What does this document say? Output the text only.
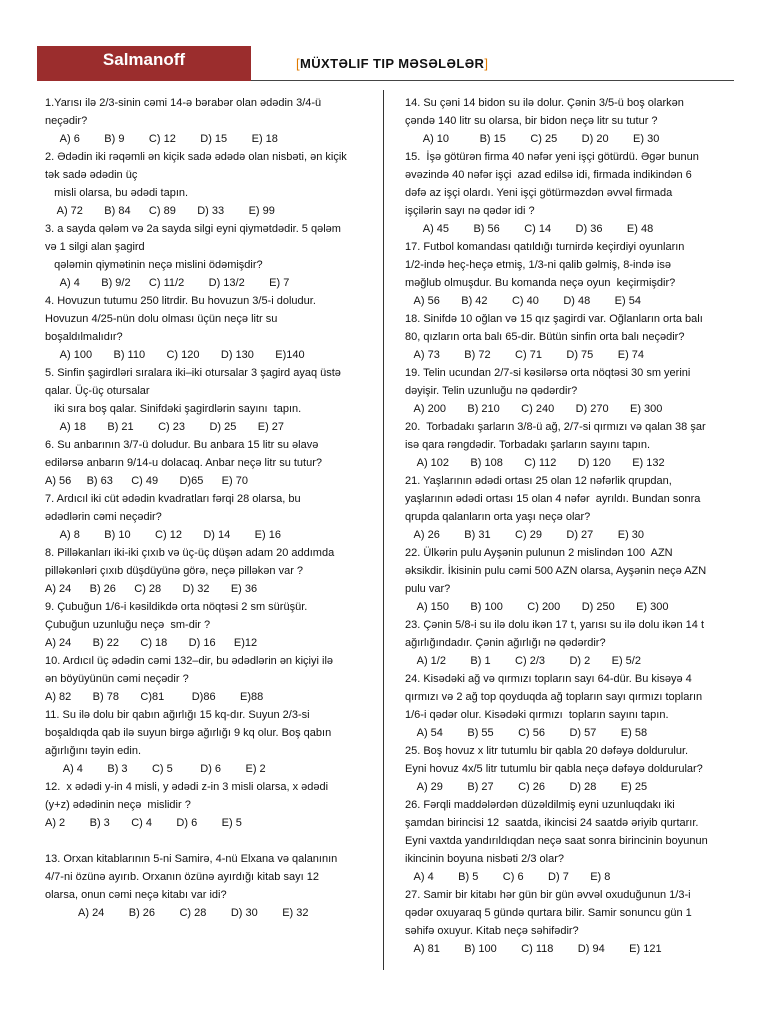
Salmanoff	[MÜXTƏLIF TIP MƏSƏLƏLƏR]

1.Yarısı ilə 2/3-sinin cəmi 14-ə bərabər olan ədədin 3/4-ü
neçədir?

A) 6        B) 9        C) 12        D) 15        E) 18

2. Ədədin iki rəqəmli ən kiçik sadə ədədə olan nisbəti, ən kiçik
tək sadə ədədin üç
misli olarsa, bu ədədi tapın.

A) 72       B) 84      C) 89       D) 33        E) 99

3. a sayda qələm və 2a sayda silgi eyni qiymətdədir. 5 qələm
və 1 silgi alan şagird
qələmin qiymətinin neçə mislini ödəmişdir?

A) 4       B) 9/2      C) 11/2        D) 13/2        E) 7

4. Hovuzun tutumu 250 litrdir. Bu hovuzun 3/5-i doludur.
Hovuzun 4/25-nün dolu olması üçün neçə litr su
boşaldılmalıdır?

A) 100       B) 110       C) 120       D) 130       E)140

5. Sinfin şagirdləri sıralara iki–iki otursalar 3 şagird ayaq üstə
qalar. Üç-üç otursalar
iki sıra boş qalar. Sinifdəki şagirdlərin sayını  tapın.

A) 18       B) 21        C) 23        D) 25       E) 27

6. Su anbarının 3/7-ü doludur. Bu anbara 15 litr su əlavə
edilərsə anbarın 9/14-u dolacaq. Anbar neçə litr su tutur?

A) 56     B) 63      C) 49       D)65      E) 70

7. Ardıcıl iki cüt ədədin kvadratları fərqi 28 olarsa, bu
ədədlərin cəmi neçədir?

A) 8        B) 10        C) 12       D) 14        E) 16

8. Pilləkanları iki-iki çıxıb və üç-üç düşən adam 20 addımda
pilləkənləri çıxıb düşdüyünə görə, neçə pilləkən var ?

A) 24      B) 26      C) 28       D) 32       E) 36

9. Çubuğun 1/6-i kəsildikdə orta nöqtəsi 2 sm sürüşür.
Çubuğun uzunluğu neçə  sm-dir ?

A) 24       B) 22       C) 18       D) 16      E)12

10. Ardıcıl üç ədədin cəmi 132–dir, bu ədədlərin ən kiçiyi ilə
ən böyüyünün cəmi neçədir ?

A) 82       B) 78       C)81         D)86        E)88

11. Su ilə dolu bir qabın ağırlığı 15 kq-dır. Suyun 2/3-si
boşaldıqda qab ilə suyun birgə ağırlığı 9 kq olur. Boş qabın
ağırlığını təyin edin.

A) 4        B) 3        C) 5         D) 6        E) 2

12.  x ədədi y-in 4 misli, y ədədi z-in 3 misli olarsa, x ədədi
(y+z) ədədinin neçə  mislidir ?

A) 2        B) 3       C) 4        D) 6        E) 5

13. Orxan kitablarının 5-ni Samirə, 4-nü Elxana və qalanının
4/7-ni özünə ayırıb. Orxanın özünə ayırdığı kitab sayı 12
olarsa, onun cəmi neçə kitabı var idi?

A) 24        B) 26        C) 28        D) 30        E) 32

14. Su çəni 14 bidon su ilə dolur. Çənin 3/5-ü boş olarkən
çəndə 140 litr su olarsa, bir bidon neçə litr su tutur ?

A) 10          B) 15        C) 25        D) 20        E) 30

15.  İşə götürən firma 40 nəfər yeni işçi götürdü. Əgər bunun
əvəzində 40 nəfər işçi  azad edilsə idi, firmada indikindən 6
dəfə az işçi olardı. Yeni işçi götürməzdən əvvəl firmada
işçilərin sayı nə qədər idi ?

A) 45        B) 56        C) 14        D) 36        E) 48

17. Futbol komandası qatıldığı turnirdə keçirdiyi oyunların
1/2-ində heç-heçə etmiş, 1/3-ni qalib gəlmiş, 8-ində isə
məğlub olmuşdur. Bu komanda neçə oyun  keçirmişdir?

A) 56       B) 42        C) 40        D) 48        E) 54

18. Sinifdə 10 oğlan və 15 qız şagirdi var. Oğlanların orta balı
80, qızların orta balı 65-dir. Bütün sinfin orta balı neçədir?

A) 73        B) 72        C) 71        D) 75        E) 74

19. Telin ucundan 2/7-si kəsilərsə orta nöqtəsi 30 sm yerini
dəyişir. Telin uzunluğu nə qədərdir?

A) 200       B) 210       C) 240       D) 270       E) 300

20.  Torbadakı şarların 3/8-ü ağ, 2/7-si qırmızı və qalan 38 şar
isə qara rəngdədir. Torbadakı şarların sayını tapın.

A) 102       B) 108       C) 112       D) 120       E) 132

21. Yaşlarının ədədi ortası 25 olan 12 nəfərlik qrupdan,
yaşlarının ədədi ortası 15 olan 4 nəfər  ayrıldı. Bundan sonra
qrupda qalanların orta yaşı neçə olar?

A) 26        B) 31        C) 29        D) 27        E) 30

22. Ülkərin pulu Ayşənin pulunun 2 mislindən 100  AZN
əksikdir. İkisinin pulu cəmi 500 AZN olarsa, Ayşənin neçə AZN
pulu var?

A) 150       B) 100        C) 200       D) 250       E) 300

23. Çənin 5/8-i su ilə dolu ikən 17 t, yarısı su ilə dolu ikən 14 t
ağırlığındadır. Çənin ağırlığı nə qədərdir?

A) 1/2        B) 1        C) 2/3        D) 2       E) 5/2

24. Kisədəki ağ və qırmızı topların sayı 64-dür. Bu kisəyə 4
qırmızı və 2 ağ top qoyduqda ağ topların sayı qırmızı topların
1/6-i qədər olur. Kisədəki qırmızı  topların sayını tapın.

A) 54        B) 55        C) 56        D) 57        E) 58

25. Boş hovuz x litr tutumlu bir qabla 20 dəfəyə doldurulur.
Eyni hovuz 4x/5 litr tutumlu bir qabla neçə dəfəyə doldurular?

A) 29        B) 27        C) 26        D) 28        E) 25

26. Fərqli maddələrdən düzəldilmiş eyni uzunluqdakı iki
şamdan birincisi 12  saatda, ikincisi 24 saatdə əriyib qurtarır.
Eyni vaxtda yandırıldıqdan neçə saat sonra birincinin boyunun
ikincinin boyuna nisbəti 2/3 olar?

A) 4        B) 5        C) 6        D) 7       E) 8

27. Samir bir kitabı hər gün bir gün əvvəl oxuduğunun 1/3-i
qədər oxuyaraq 5 gündə qurtara bilir. Samir sonuncu gün 1
səhifə oxuyur. Kitab neçə səhifədir?

A) 81        B) 100        C) 118        D) 94        E) 121
